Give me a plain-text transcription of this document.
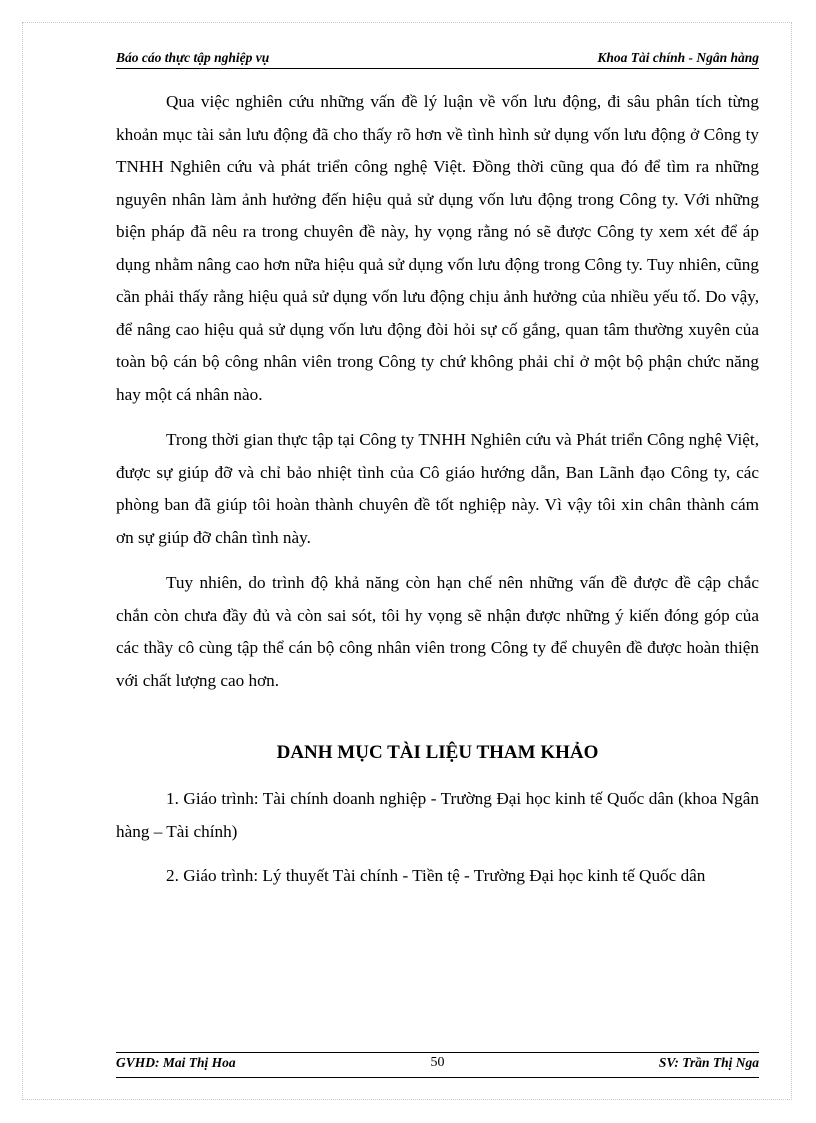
Báo cáo thực tập nghiệp vụ	Khoa Tài chính - Ngân hàng

Qua việc nghiên cứu những vấn đề lý luận về vốn lưu động, đi sâu phân tích từng khoản mục tài sản lưu động đã cho thấy rõ hơn về tình hình sử dụng vốn lưu động ở Công ty TNHH Nghiên cứu và phát triển công nghệ Việt. Đồng thời cũng qua đó để tìm ra những nguyên nhân làm ảnh hưởng đến hiệu quả sử dụng vốn lưu động trong Công ty. Với những biện pháp đã nêu ra trong chuyên đề này, hy vọng rằng nó sẽ được Công ty xem xét để áp dụng nhằm nâng cao hơn nữa hiệu quả sử dụng vốn lưu động trong Công ty. Tuy nhiên, cũng cần phải thấy rằng hiệu quả sử dụng vốn lưu động chịu ảnh hưởng của nhiều yếu tố. Do vậy, để nâng cao hiệu quả sử dụng vốn lưu động đòi hỏi sự cố gắng, quan tâm thường xuyên của toàn bộ cán bộ công nhân viên trong Công ty chứ không phải chỉ ở một bộ phận chức năng hay một cá nhân nào.

Trong thời gian thực tập tại Công ty TNHH Nghiên cứu và Phát triển Công nghệ Việt, được sự giúp đỡ và chỉ bảo nhiệt tình của Cô giáo hướng dẫn, Ban Lãnh đạo Công ty, các phòng ban đã giúp tôi hoàn thành chuyên đề tốt nghiệp này. Vì vậy tôi xin chân thành cám ơn sự giúp đỡ chân tình này.

Tuy nhiên, do trình độ khả năng còn hạn chế nên những vấn đề được đề cập chắc chắn còn chưa đầy đủ và còn sai sót, tôi hy vọng sẽ nhận được những ý kiến đóng góp của các thầy cô cùng tập thể cán bộ công nhân viên trong Công ty để chuyên đề được hoàn thiện với chất lượng cao hơn.

DANH MỤC TÀI LIỆU THAM KHẢO

1. Giáo trình: Tài chính doanh nghiệp - Trường Đại học kinh tế Quốc dân (khoa Ngân hàng – Tài chính)

2. Giáo trình: Lý thuyết Tài chính - Tiền tệ - Trường Đại học kinh tế Quốc dân

GVHD: Mai Thị Hoa	50	SV: Trần Thị Nga
